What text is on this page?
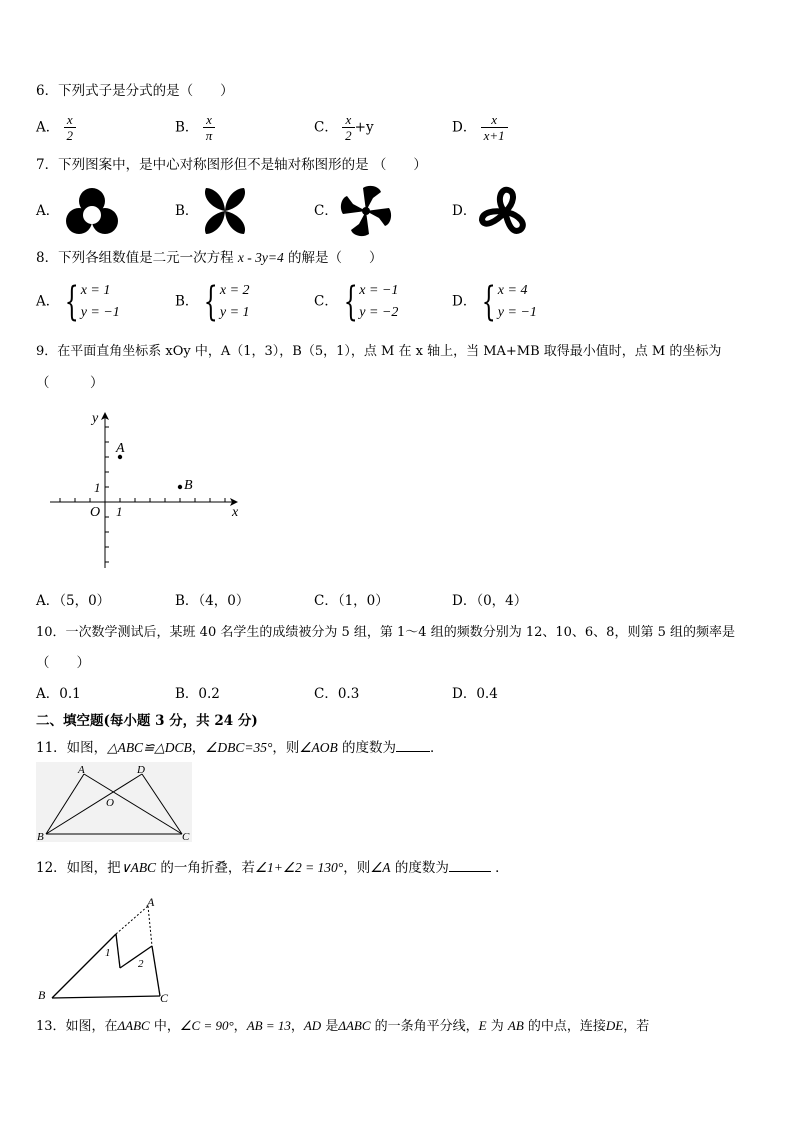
6．下列式子是分式的是（　　）
A． $\frac{x}{2}$	B． $\frac{x}{\pi}$	C． $\frac{x}{2} +y$	D． $\frac{x}{x+1}$
7．下列图案中，是中心对称图形但不是轴对称图形的是 （　　）
A．	B．	C．	D．
8．下列各组数值是二元一次方程 x - 3y=4 的解是（　　）
A． { x = 1
y = −1
B． { x = 2
y = 1
C． { x = −1
y = −2
D． { x = 4
y = −1
9．在平面直角坐标系 xOy 中，A（1，3），B（5，1），点 M 在 x 轴上，当 MA+MB 取得最小值时，点 M 的坐标为
（　　　）
y
x
O 1
1
A
B
A．（5，0）	B．（4，0）	C．（1，0）	D．（0，4）
10．一次数学测试后，某班 40 名学生的成绩被分为 5 组，第 1～4 组的频数分别为 12、10、6、8，则第 5 组的频率是
（　　）
A．0.1	B．0.2	C．0.3	D．0.4
二、填空题(每小题 3 分，共 24 分)
11．如图，△ABC≌△DCB，∠DBC=35°，则∠AOB 的度数为	．
A	D
O
B	C
12．如图，把∨ABC 的一角折叠，若∠1+∠2 = 130°，则∠A 的度数为	．
A
B	C
1
2
13．如图，在ΔABC 中，∠C = 90°，AB = 13，AD 是ΔABC 的一条角平分线，E 为 AB 的中点，连接DE，若
